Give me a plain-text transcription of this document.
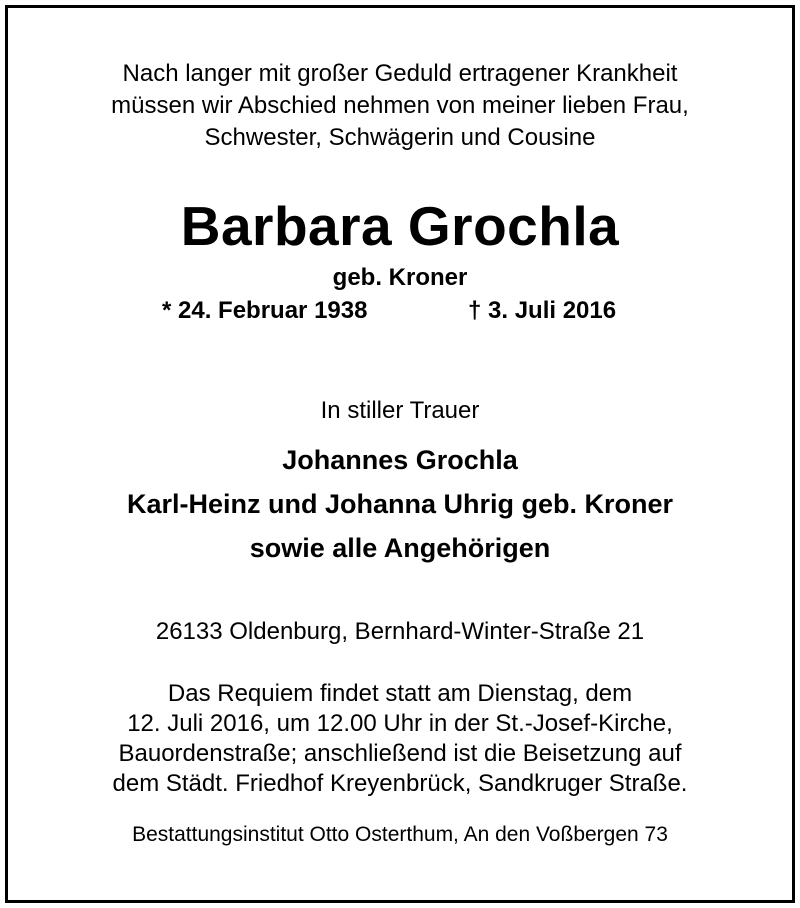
Nach langer mit großer Geduld ertragener Krankheit
müssen wir Abschied nehmen von meiner lieben Frau,
Schwester, Schwägerin und Cousine
Barbara Grochla
geb. Kroner
* 24. Februar 1938	† 3. Juli 2016
In stiller Trauer
Johannes Grochla
Karl-Heinz und Johanna Uhrig geb. Kroner
sowie alle Angehörigen
26133 Oldenburg, Bernhard-Winter-Straße 21
Das Requiem findet statt am Dienstag, dem
12. Juli 2016, um 12.00 Uhr in der St.-Josef-Kirche,
Bauordenstraße; anschließend ist die Beisetzung auf
dem Städt. Friedhof Kreyenbrück, Sandkruger Straße.
Bestattungsinstitut Otto Osterthum, An den Voßbergen 73
